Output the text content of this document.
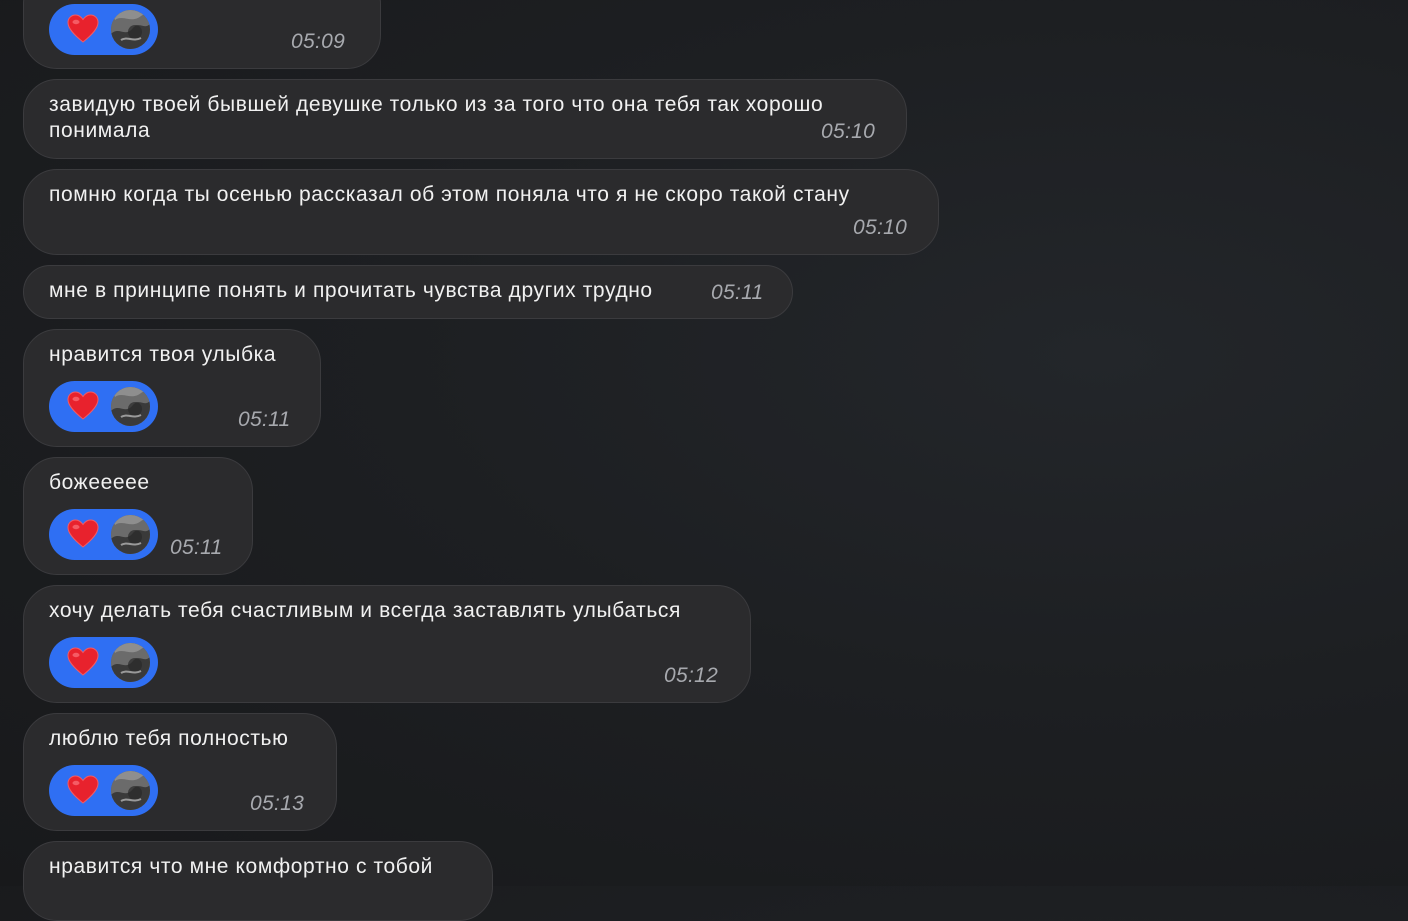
05:09
завидую твоей бывшей девушке только из за того что она тебя так хорошо
понимала	05:10
помню когда ты осенью рассказал об этом поняла что я не скоро такой стану
05:10
мне в принципе понять и прочитать чувства других трудно	05:11
нравится твоя улыбка
05:11
божеееее
05:11
хочу делать тебя счастливым и всегда заставлять улыбаться
05:12
люблю тебя полностью
05:13
нравится что мне комфортно с тобой
